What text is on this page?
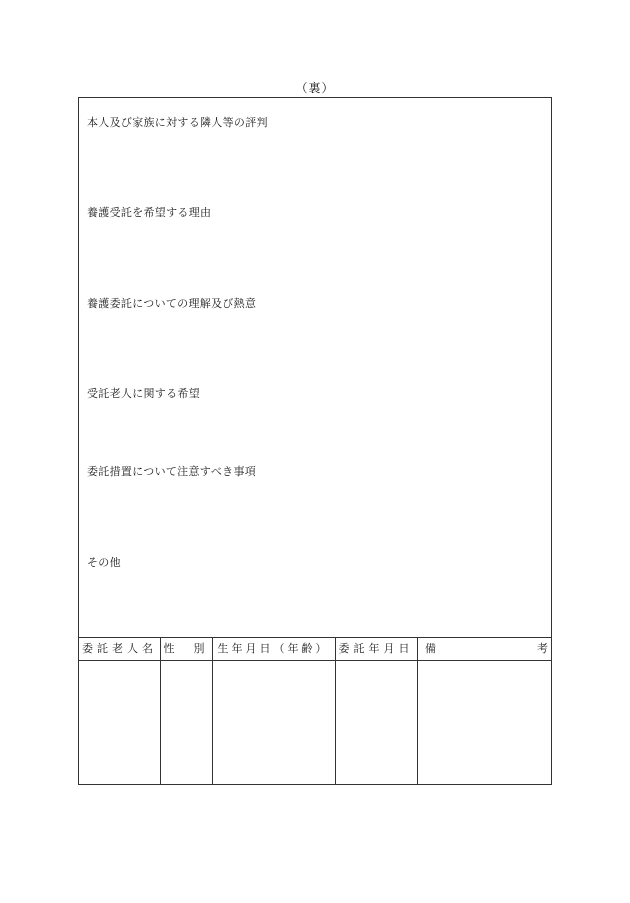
（裏）
本人及び家族に対する隣人等の評判
養護受託を希望する理由
養護委託についての理解及び熱意
受託老人に関する希望
委託措置について注意すべき事項
その他
委託老人名 性　別 生年月日（年齢） 委託年月日	備	考
